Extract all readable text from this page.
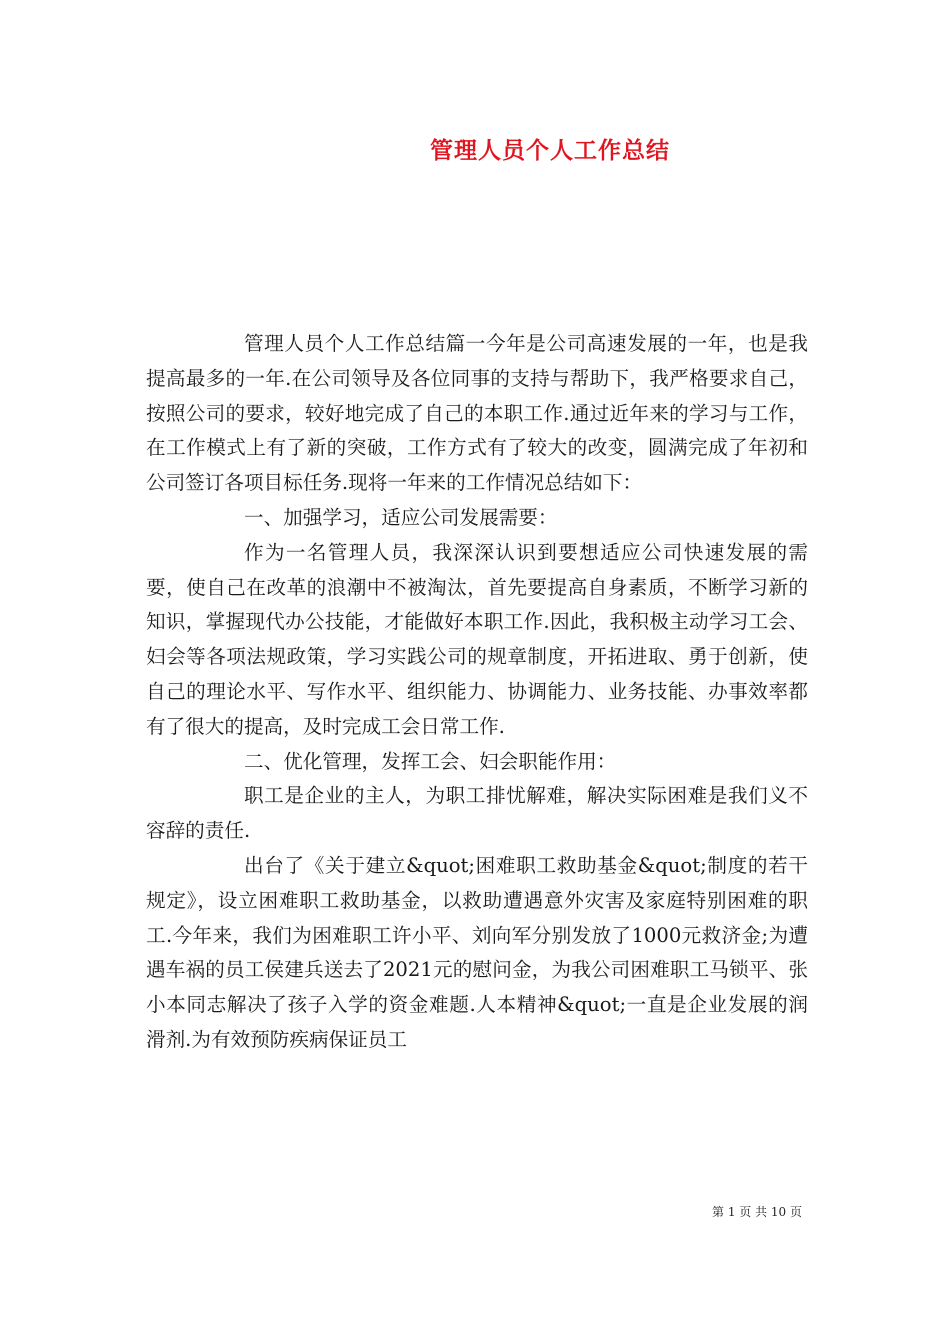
管理人员个人工作总结

管理人员个人工作总结篇一今年是公司高速发展的一年，也是我提高最多的一年.在公司领导及各位同事的支持与帮助下，我严格要求自己，按照公司的要求，较好地完成了自己的本职工作.通过近年来的学习与工作，在工作模式上有了新的突破，工作方式有了较大的改变，圆满完成了年初和公司签订各项目标任务.现将一年来的工作情况总结如下：

一、加强学习，适应公司发展需要：

作为一名管理人员，我深深认识到要想适应公司快速发展的需要，使自己在改革的浪潮中不被淘汰，首先要提高自身素质，不断学习新的知识，掌握现代办公技能，才能做好本职工作.因此，我积极主动学习工会、妇会等各项法规政策，学习实践公司的规章制度，开拓进取、勇于创新，使自己的理论水平、写作水平、组织能力、协调能力、业务技能、办事效率都有了很大的提高，及时完成工会日常工作.

二、优化管理，发挥工会、妇会职能作用：

职工是企业的主人，为职工排忧解难，解决实际困难是我们义不容辞的责任.

出台了《关于建立&quot;困难职工救助基金&quot;制度的若干规定》，设立困难职工救助基金，以救助遭遇意外灾害及家庭特别困难的职工.今年来，我们为困难职工许小平、刘向军分别发放了1000元救济金;为遭遇车祸的员工侯建兵送去了2021元的慰问金，为我公司困难职工马锁平、张小本同志解决了孩子入学的资金难题.人本精神&quot;一直是企业发展的润滑剂.为有效预防疾病保证员工

第 1 页 共 10 页
